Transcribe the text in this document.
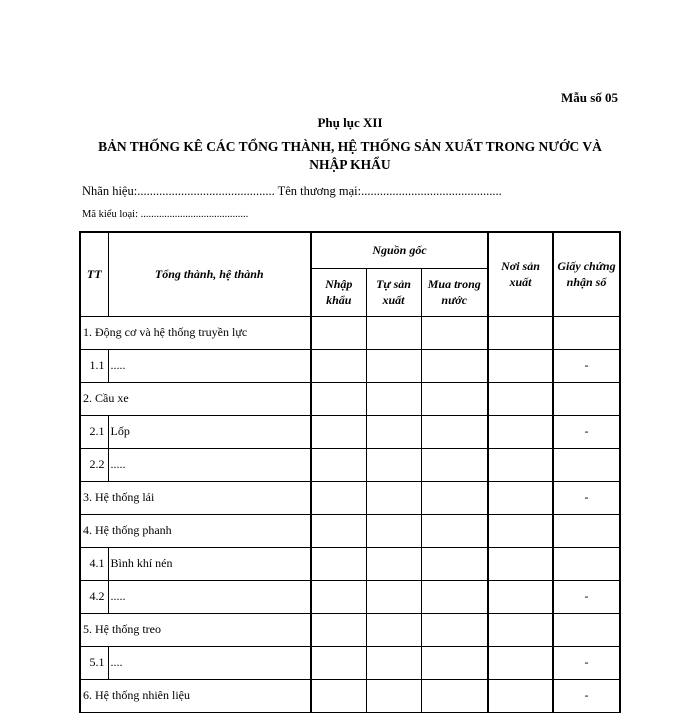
Mẫu số 05
Phụ lục XII
BẢN THỐNG KÊ CÁC TỔNG THÀNH, HỆ THỐNG SẢN XUẤT TRONG NƯỚC VÀ
NHẬP KHẨU
Nhãn hiệu:............................................ Tên thương mại:.............................................
Mã kiểu loại: .........................................
TT	Tổng thành, hệ thành	Nguồn gốc			Nơi sản xuất	Giấy chứng nhận số
		Nhập khẩu	Tự sản xuất	Mua trong nước		
1. Động cơ và hệ thống truyền lực						
1.1	.....					-
2. Cầu xe						
2.1	Lốp					-
2.2	.....					
3. Hệ thống lái						-
4. Hệ thống phanh						
4.1	Bình khí nén					
4.2	.....					-
5. Hệ thống treo						
5.1	....					-
6. Hệ thống nhiên liệu						-
